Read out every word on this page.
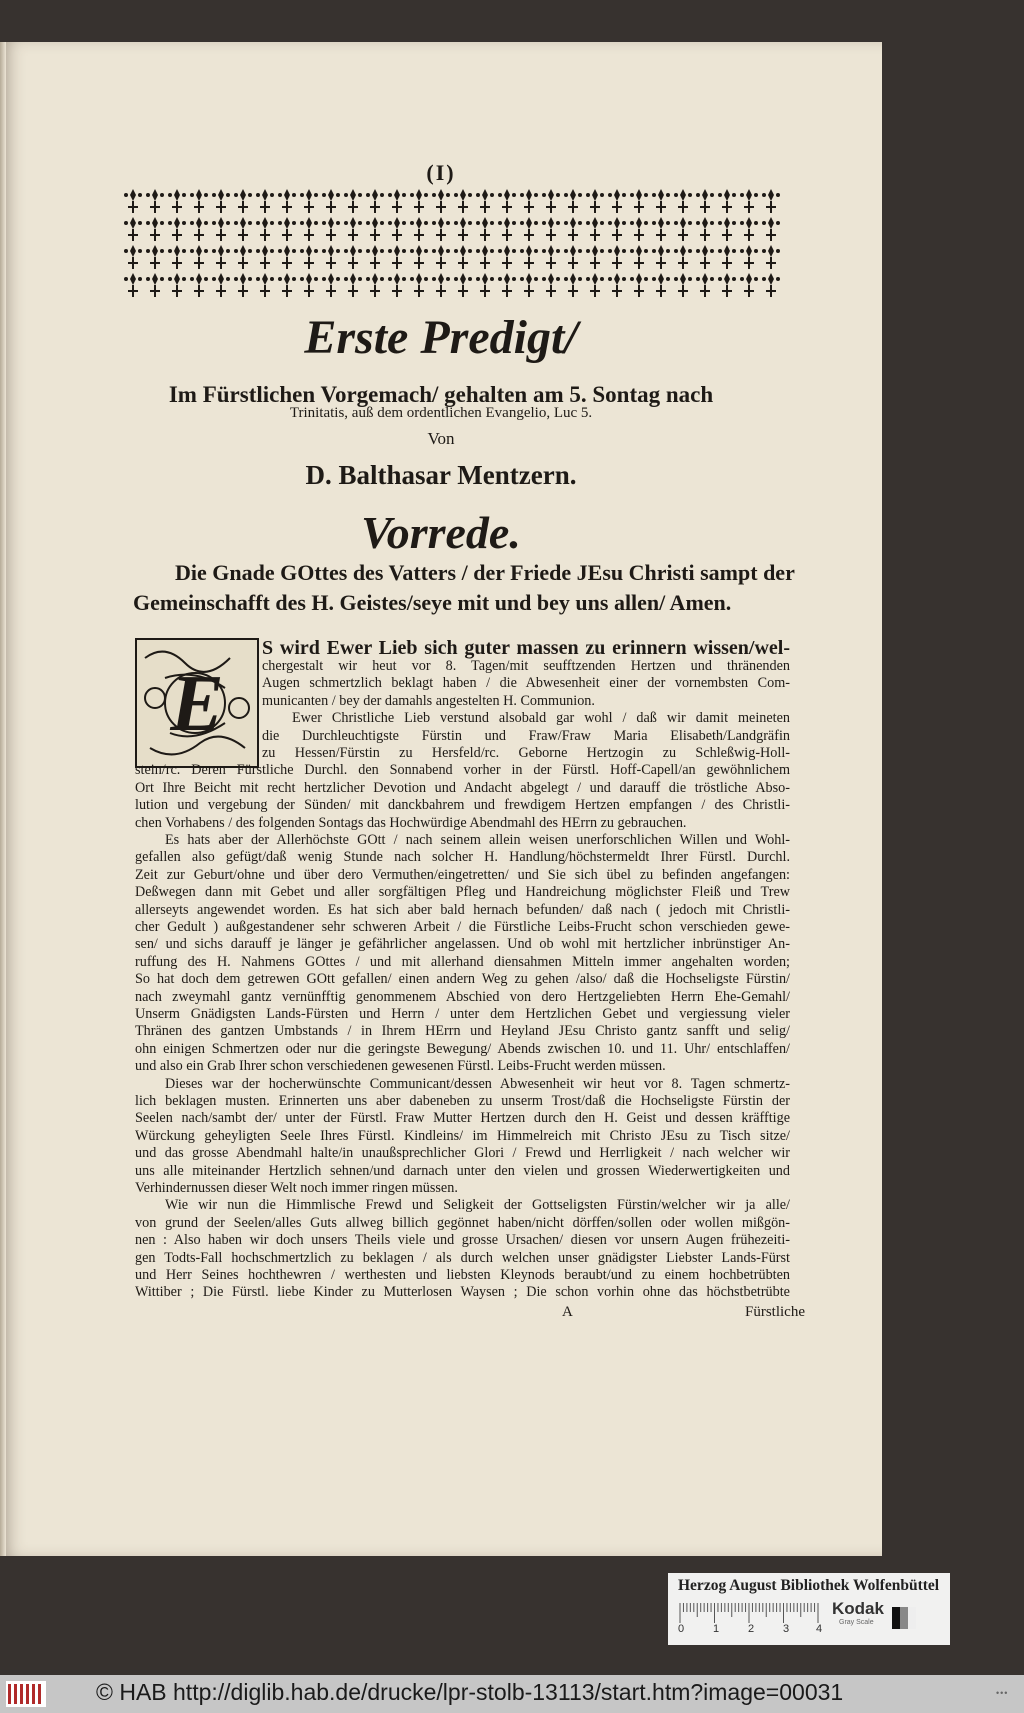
(I)
Erste Predigt/
Im Fürstlichen Vorgemach/ gehalten am 5. Sontag nach
Trinitatis, auß dem ordentlichen Evangelio, Luc 5.
Von
D. Balthasar Mentzern.
Vorrede.
Die Gnade GOttes des Vatters / der Friede JEsu Christi sampt der
Gemeinschafft des H. Geistes/seye mit und bey uns allen/ Amen.
E
S wird Ewer Lieb sich guter massen zu erinnern wissen/wel-
chergestalt wir heut vor 8. Tagen/mit seufftzenden Hertzen und thränenden
Augen schmertzlich beklagt haben / die Abwesenheit einer der vornembsten Com-
municanten / bey der damahls angestelten H. Communion.
Ewer Christliche Lieb verstund alsobald gar wohl / daß wir damit meineten
die Durchleuchtigste Fürstin und Fraw/Fraw Maria Elisabeth/Landgräfin
zu Hessen/Fürstin zu Hersfeld/rc. Geborne Hertzogin zu Schleßwig-Holl-
stein/rc. Deren Fürstliche Durchl. den Sonnabend vorher in der Fürstl. Hoff-Capell/an gewöhnlichem
Ort Ihre Beicht mit recht hertzlicher Devotion und Andacht abgelegt / und darauff die tröstliche Abso-
lution und vergebung der Sünden/ mit danckbahrem und frewdigem Hertzen empfangen / des Christli-
chen Vorhabens / des folgenden Sontags das Hochwürdige Abendmahl des HErrn zu gebrauchen.
Es hats aber der Allerhöchste GOtt / nach seinem allein weisen unerforschlichen Willen und Wohl-
gefallen also gefügt/daß wenig Stunde nach solcher H. Handlung/höchstermeldt Ihrer Fürstl. Durchl.
Zeit zur Geburt/ohne und über dero Vermuthen/eingetretten/ und Sie sich übel zu befinden angefangen:
Deßwegen dann mit Gebet und aller sorgfältigen Pfleg und Handreichung möglichster Fleiß und Trew
allerseyts angewendet worden. Es hat sich aber bald hernach befunden/ daß nach ( jedoch mit Christli-
cher Gedult ) außgestandener sehr schweren Arbeit / die Fürstliche Leibs-Frucht schon verschieden gewe-
sen/ und sichs darauff je länger je gefährlicher angelassen. Und ob wohl mit hertzlicher inbrünstiger An-
ruffung des H. Nahmens GOttes / und mit allerhand diensahmen Mitteln immer angehalten worden;
So hat doch dem getrewen GOtt gefallen/ einen andern Weg zu gehen /also/ daß die Hochseligste Fürstin/
nach zweymahl gantz vernünfftig genommenem Abschied von dero Hertzgeliebten Herrn Ehe-Gemahl/
Unserm Gnädigsten Lands-Fürsten und Herrn / unter dem Hertzlichen Gebet und vergiessung vieler
Thränen des gantzen Umbstands / in Ihrem HErrn und Heyland JEsu Christo gantz sanfft und selig/
ohn einigen Schmertzen oder nur die geringste Bewegung/ Abends zwischen 10. und 11. Uhr/ entschlaffen/
und also ein Grab Ihrer schon verschiedenen gewesenen Fürstl. Leibs-Frucht werden müssen.
Dieses war der hocherwünschte Communicant/dessen Abwesenheit wir heut vor 8. Tagen schmertz-
lich beklagen musten. Erinnerten uns aber dabeneben zu unserm Trost/daß die Hochseligste Fürstin der
Seelen nach/sambt der/ unter der Fürstl. Fraw Mutter Hertzen durch den H. Geist und dessen kräfftige
Würckung geheyligten Seele Ihres Fürstl. Kindleins/ im Himmelreich mit Christo JEsu zu Tisch sitze/
und das grosse Abendmahl halte/in unaußsprechlicher Glori / Frewd und Herrligkeit / nach welcher wir
uns alle miteinander Hertzlich sehnen/und darnach unter den vielen und grossen Wiederwertigkeiten und
Verhindernussen dieser Welt noch immer ringen müssen.
Wie wir nun die Himmlische Frewd und Seligkeit der Gottseligsten Fürstin/welcher wir ja alle/
von grund der Seelen/alles Guts allweg billich gegönnet haben/nicht dörffen/sollen oder wollen mißgön-
nen : Also haben wir doch unsers Theils viele und grosse Ursachen/ diesen vor unsern Augen frühezeiti-
gen Todts-Fall hochschmertzlich zu beklagen / als durch welchen unser gnädigster Liebster Lands-Fürst
und Herr Seines hochthewren / werthesten und liebsten Kleynods beraubt/und zu einem hochbetrübten
Wittiber ; Die Fürstl. liebe Kinder zu Mutterlosen Waysen ; Die schon vorhin ohne das höchstbetrübte
A	Fürstliche
Herzog August Bibliothek Wolfenbüttel
0	1	2	3 4
Kodak
Gray Scale
© HAB http://diglib.hab.de/drucke/lpr-stolb-13113/start.htm?image=00031	•••
